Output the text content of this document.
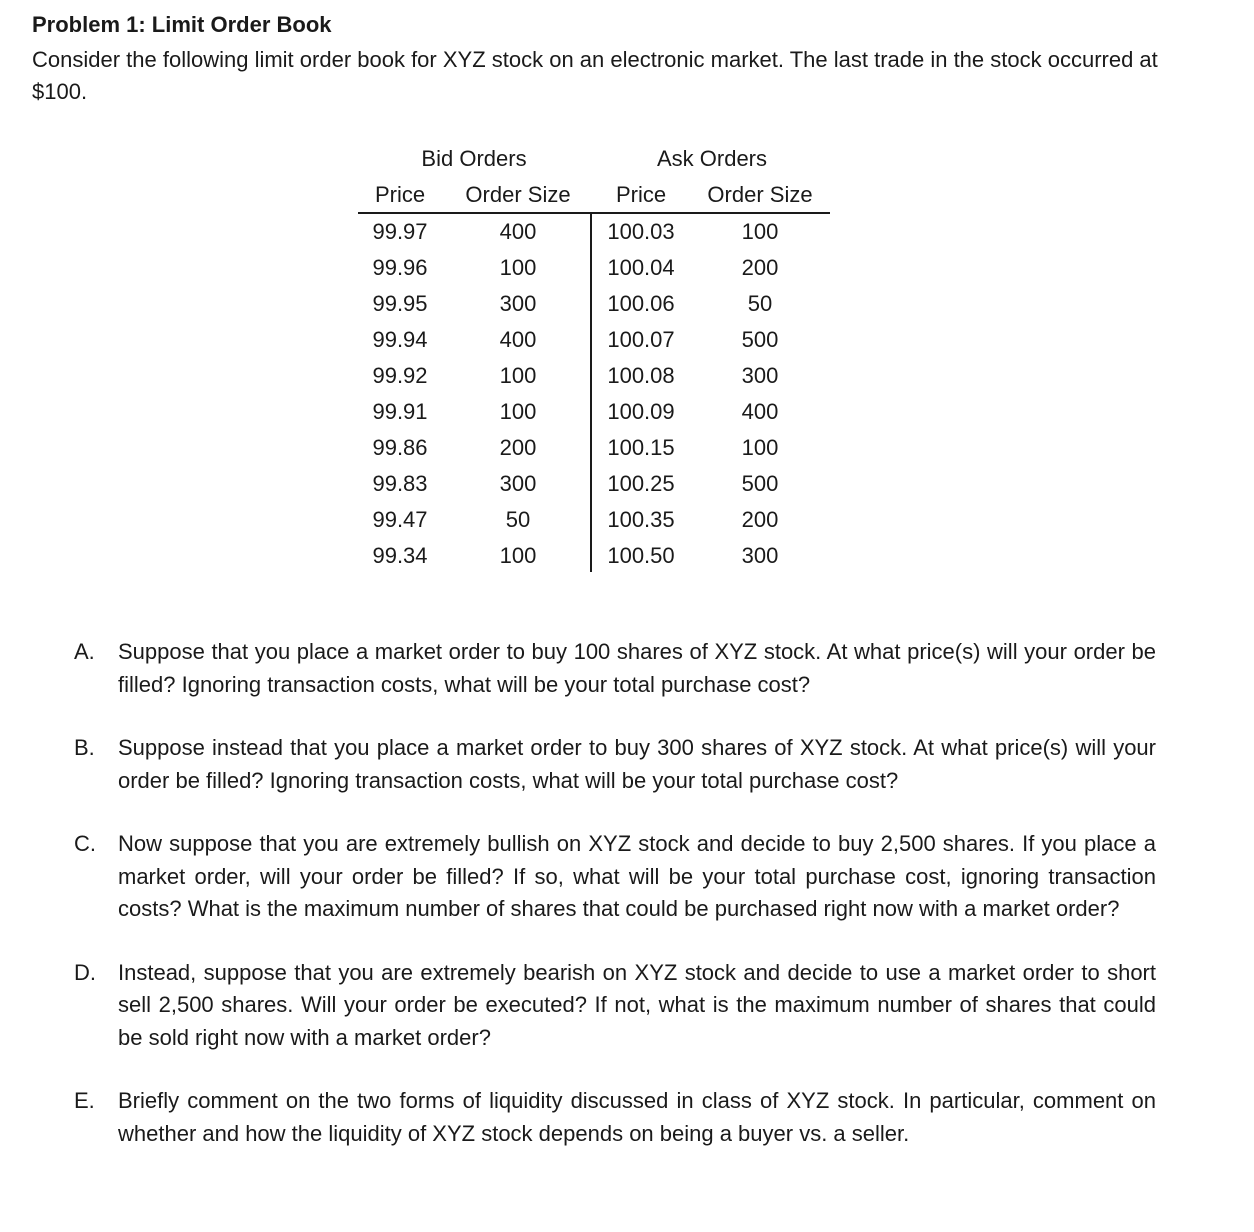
Problem 1: Limit Order Book
Consider the following limit order book for XYZ stock on an electronic market. The last trade in the stock occurred at $100.
Bid Orders	Ask Orders
Price	Order Size	Price	Order Size
99.97	400	100.03	100
99.96	100	100.04	200
99.95	300	100.06	50
99.94	400	100.07	500
99.92	100	100.08	300
99.91	100	100.09	400
99.86	200	100.15	100
99.83	300	100.25	500
99.47	50	100.35	200
99.34	100	100.50	300
A. Suppose that you place a market order to buy 100 shares of XYZ stock. At what price(s) will your order be filled? Ignoring transaction costs, what will be your total purchase cost?
B. Suppose instead that you place a market order to buy 300 shares of XYZ stock. At what price(s) will your order be filled? Ignoring transaction costs, what will be your total purchase cost?
C. Now suppose that you are extremely bullish on XYZ stock and decide to buy 2,500 shares. If you place a market order, will your order be filled? If so, what will be your total purchase cost, ignoring transaction costs? What is the maximum number of shares that could be purchased right now with a market order?
D. Instead, suppose that you are extremely bearish on XYZ stock and decide to use a market order to short sell 2,500 shares. Will your order be executed? If not, what is the maximum number of shares that could be sold right now with a market order?
E. Briefly comment on the two forms of liquidity discussed in class of XYZ stock. In particular, comment on whether and how the liquidity of XYZ stock depends on being a buyer vs. a seller.
